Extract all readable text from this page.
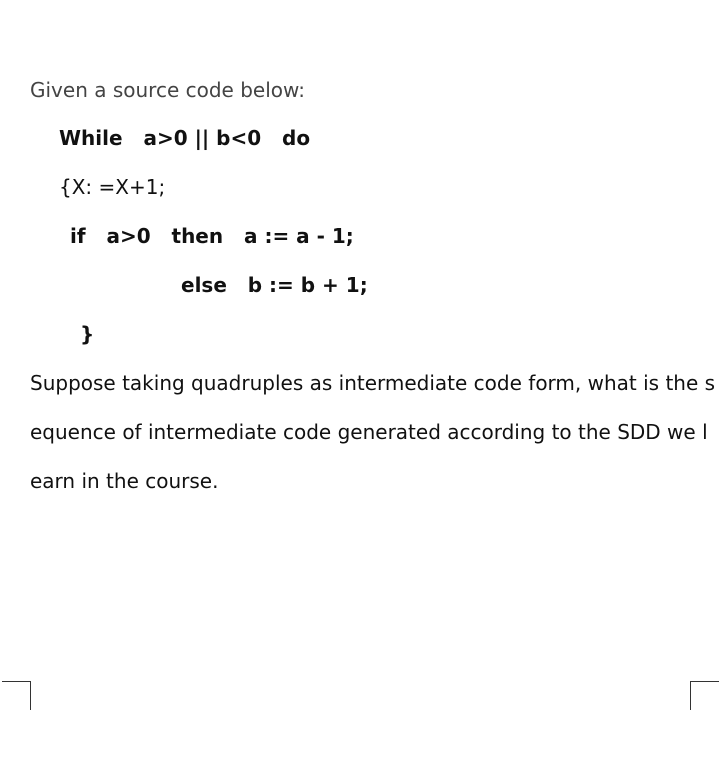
Given a source code below:
While   a>0 || b<0   do
{X: =X+1;
if   a>0   then   a := a - 1;
else   b := b + 1;
}
Suppose taking quadruples as intermediate code form, what is the s
equence of intermediate code generated according to the SDD we l
earn in the course.
